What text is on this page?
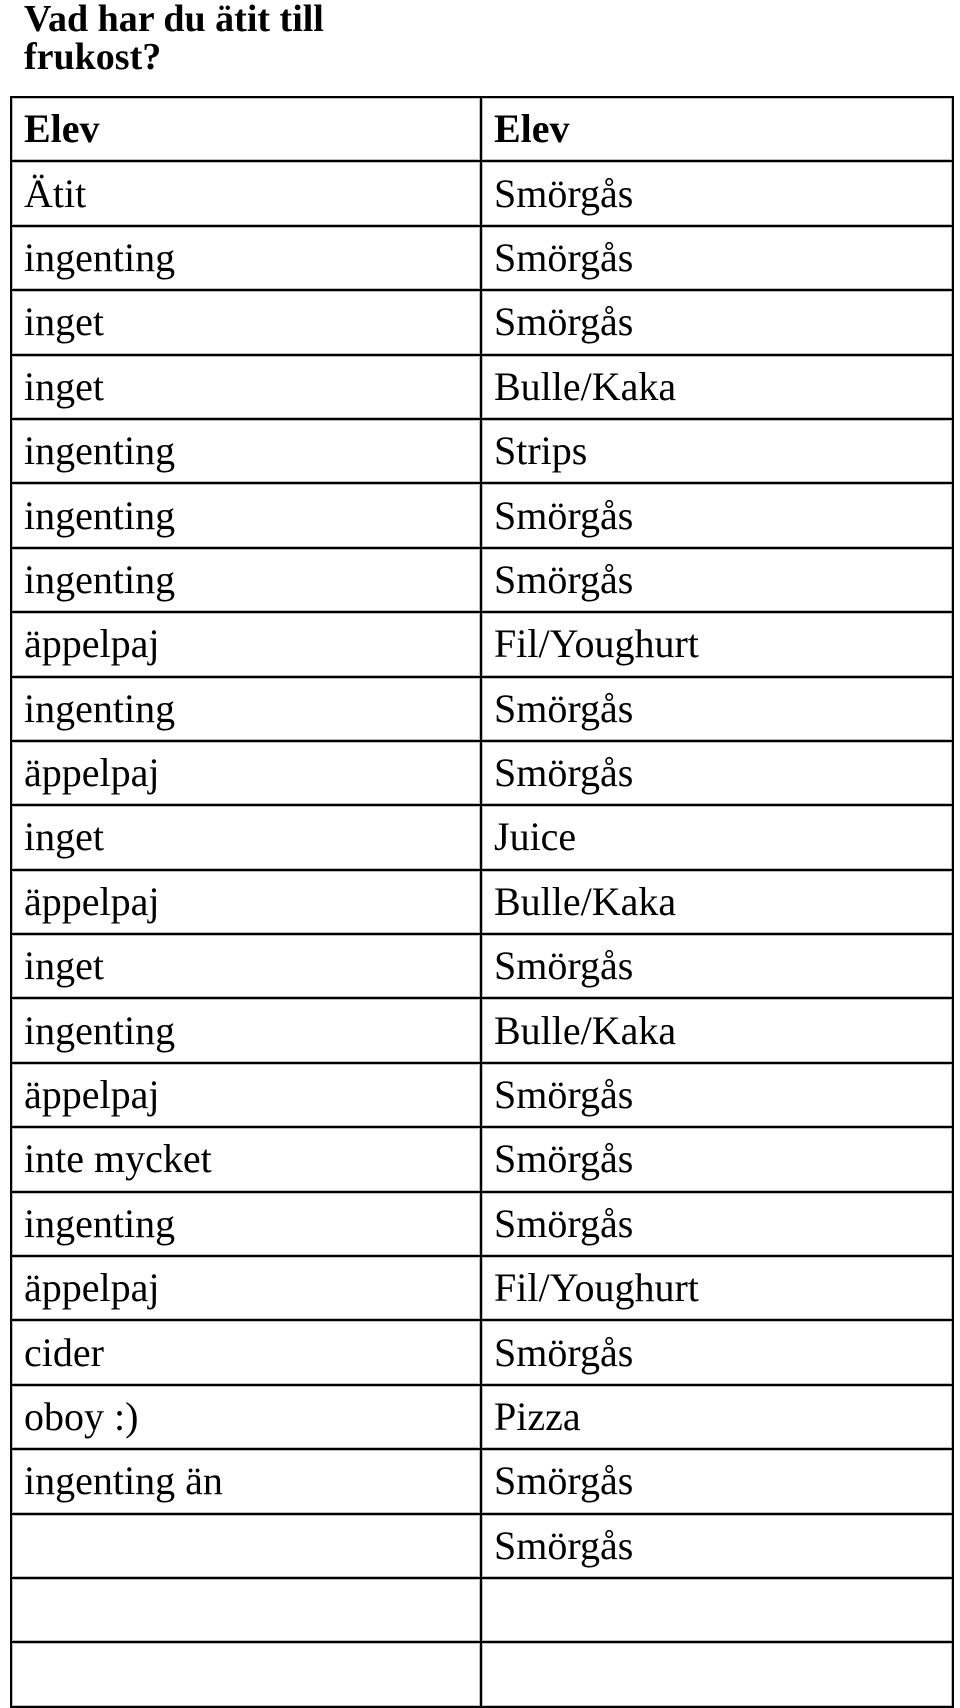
Vad har du ätit till
frukost?
Elev	Elev
Ätit	Smörgås
ingenting	Smörgås
inget	Smörgås
inget	Bulle/Kaka
ingenting	Strips
ingenting	Smörgås
ingenting	Smörgås
äppelpaj	Fil/Youghurt
ingenting	Smörgås
äppelpaj	Smörgås
inget	Juice
äppelpaj	Bulle/Kaka
inget	Smörgås
ingenting	Bulle/Kaka
äppelpaj	Smörgås
inte mycket	Smörgås
ingenting	Smörgås
äppelpaj	Fil/Youghurt
cider	Smörgås
oboy :)	Pizza
ingenting än	Smörgås
	Smörgås
